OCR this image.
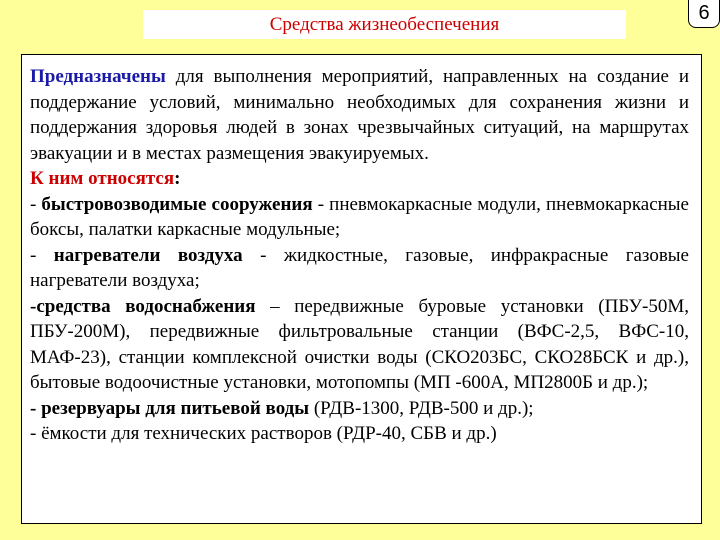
Средства жизнеобеспечения
6

Предназначены для выполнения мероприятий, направленных на создание и поддержание условий, минимально необходимых для сохранения жизни и поддержания здоровья людей в зонах чрезвычайных ситуаций, на маршрутах эвакуации и в местах размещения эвакуируемых.

К ним относятся:

- быстровозводимые сооружения - пневмокаркасные модули, пневмокаркасные боксы, палатки каркасные модульные;

- нагреватели воздуха - жидкостные, газовые, инфракрасные газовые нагреватели воздуха;

-средства водоснабжения – передвижные буровые установки (ПБУ-50М, ПБУ-200М), передвижные фильтровальные станции (ВФС-2,5, ВФС-10, МАФ-23), станции комплексной очистки воды (СКО203БС, СКО28БСК и др.), бытовые водоочистные установки, мотопомпы (МП -600А, МП2800Б и др.);

- резервуары для питьевой воды (РДВ-1300, РДВ-500 и др.);

- ёмкости для технических растворов (РДР-40, СБВ и др.)
